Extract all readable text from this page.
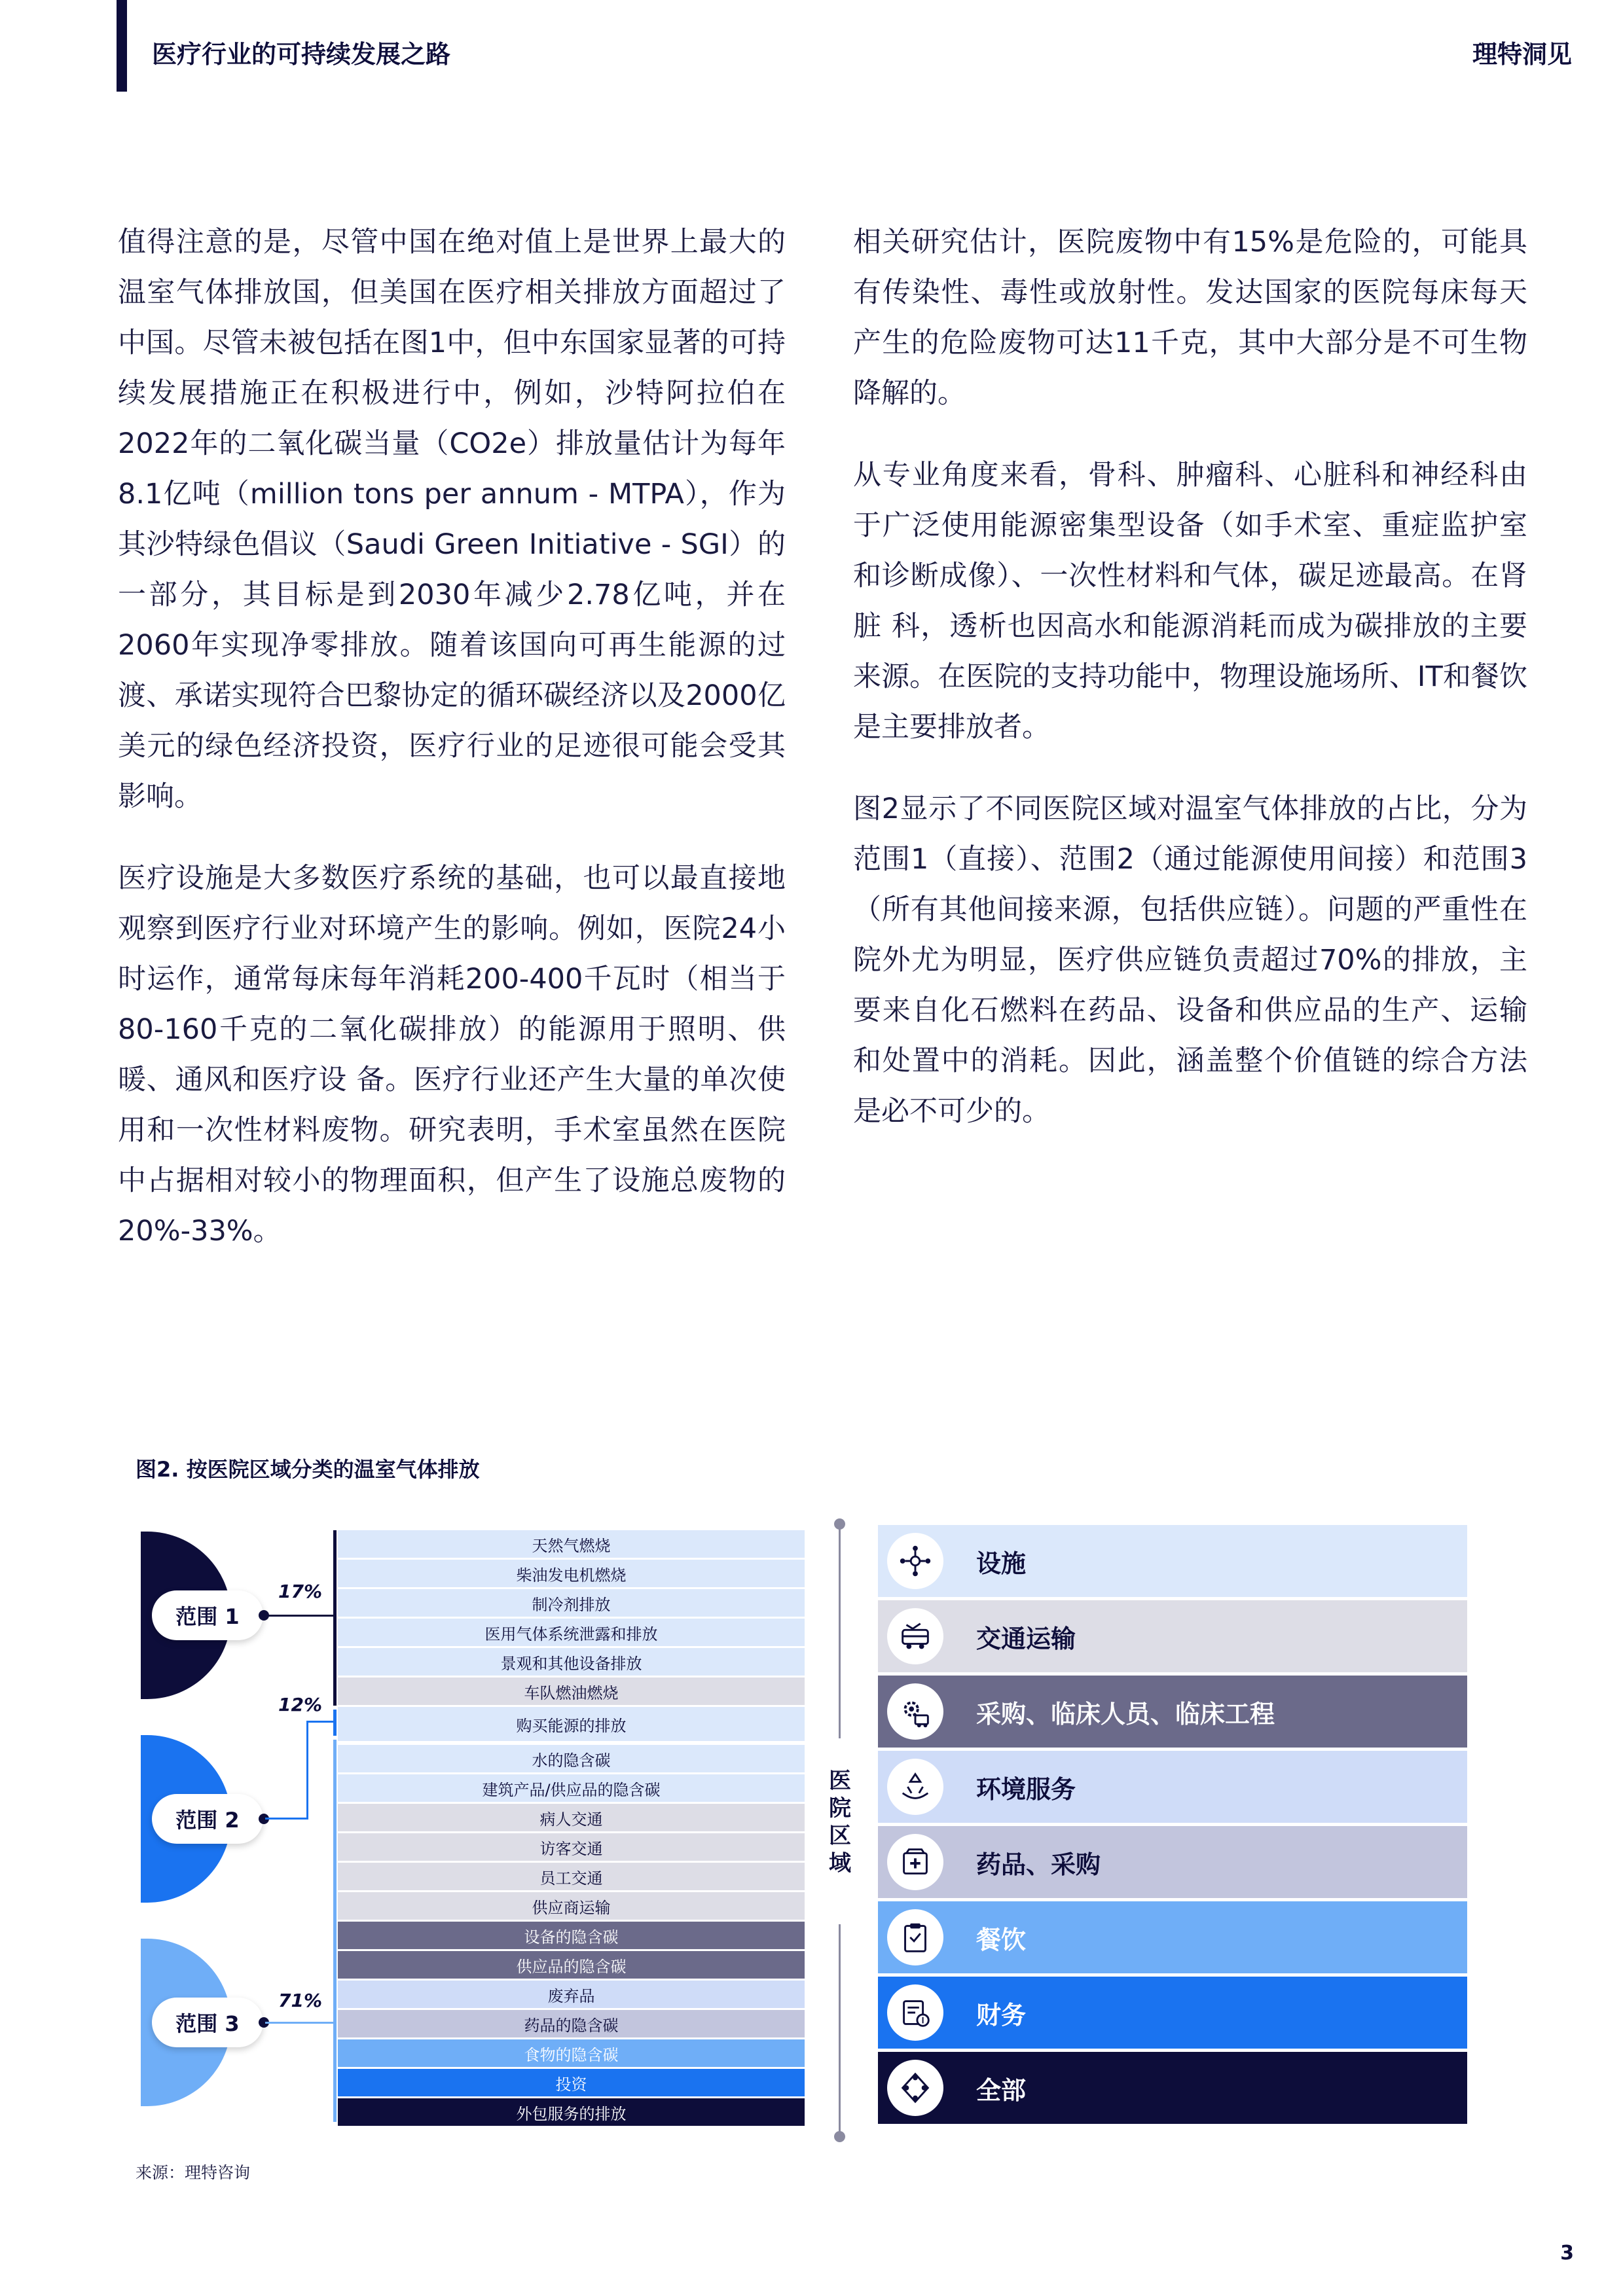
医疗行业的可持续发展之路	理特洞见

值得注意的是，尽管中国在绝对值上是世界上最大的温室气体排放国，但美国在医疗相关排放方面超过了中国。尽管未被包括在图1中，但中东国家显著的可持续发展措施正在积极进行中，例如，沙特阿拉伯在2022年的二氧化碳当量（CO2e）排放量估计为每年8.1亿吨（million tons per annum - MTPA），作为其沙特绿色倡议（Saudi Green Initiative - SGI）的一部分，其目标是到2030年减少2.78亿吨，并在2060年实现净零排放。随着该国向可再生能源的过渡、承诺实现符合巴黎协定的循环碳经济以及2000亿美元的绿色经济投资，医疗行业的足迹很可能会受其影响。

医疗设施是大多数医疗系统的基础，也可以最直接地观察到医疗行业对环境产生的影响。例如，医院24小时运作，通常每床每年消耗200-400千瓦时（相当于80-160千克的二氧化碳排放）的能源用于照明、供暖、通风和医疗设 备。医疗行业还产生大量的单次使用和一次性材料废物。研究表明，手术室虽然在医院中占据相对较小的物理面积，但产生了设施总废物的20%-33%。

相关研究估计，医院废物中有15%是危险的，可能具有传染性、毒性或放射性。发达国家的医院每床每天产生的危险废物可达11千克，其中大部分是不可生物降解的。

从专业角度来看，骨科、肿瘤科、心脏科和神经科由于广泛使用能源密集型设备（如手术室、重症监护室和诊断成像）、一次性材料和气体，碳足迹最高。在肾脏 科，透析也因高水和能源消耗而成为碳排放的主要来源。在医院的支持功能中，物理设施场所、IT和餐饮是主要排放者。

图2显示了不同医院区域对温室气体排放的占比，分为范围1（直接）、范围2（通过能源使用间接）和范围3（所有其他间接来源，包括供应链）。问题的严重性在院外尤为明显，医疗供应链负责超过70%的排放，主要来自化石燃料在药品、设备和供应品的生产、运输和处置中的消耗。因此，涵盖整个价值链的综合方法是必不可少的。

图2. 按医院区域分类的温室气体排放
范围 1
范围 2
范围 3
17%
12%
71%
天然气燃烧
柴油发电机燃烧
制冷剂排放
医用气体系统泄露和排放
景观和其他设备排放
车队燃油燃烧
购买能源的排放
水的隐含碳
建筑产品/供应品的隐含碳
病人交通
访客交通
员工交通
供应商运输
设备的隐含碳
供应品的隐含碳
废弃品
药品的隐含碳
食物的隐含碳
投资
外包服务的排放
医院区域
设施
交通运输
采购、临床人员、临床工程
环境服务
药品、采购
餐饮
财务
全部
来源：理特咨询
3
